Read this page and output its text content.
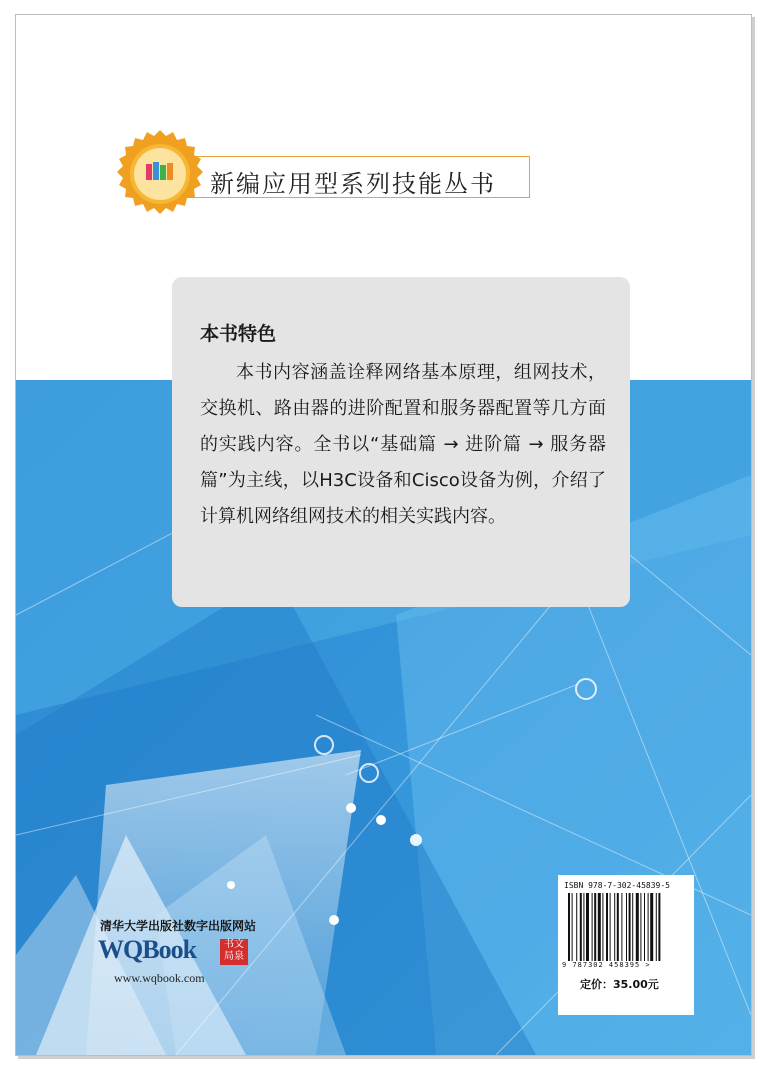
新编应用型系列技能丛书
本书特色
本书内容涵盖诠释网络基本原理，组网技术，交换机、路由器的进阶配置和服务器配置等几方面的实践内容。全书以“基础篇 → 进阶篇 → 服务器篇”为主线，以H3C设备和Cisco设备为例，介绍了计算机网络组网技术的相关实践内容。
清华大学出版社数字出版网站
WQBook	书文
局泉
www.wqbook.com
ISBN 978-7-302-45839-5
9 787302 458395 >
定价：35.00元
